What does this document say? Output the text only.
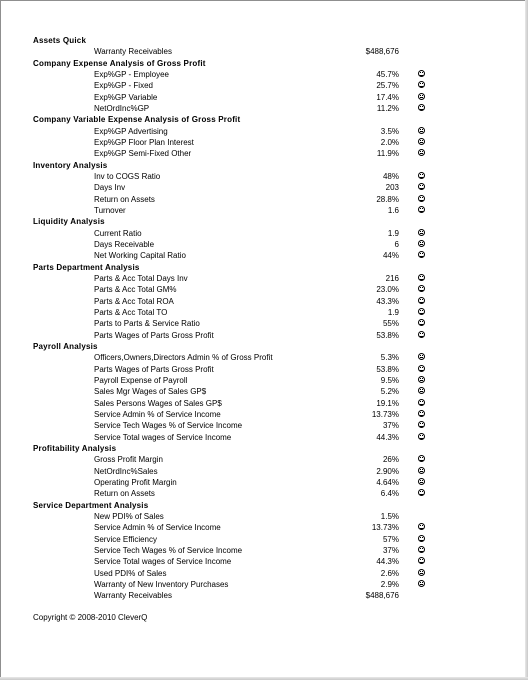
Assets Quick
Warranty Receivables	$488,676
Company Expense Analysis of Gross Profit
Exp%GP - Employee	45.7%
Exp%GP - Fixed	25.7%
Exp%GP Variable	17.4%
NetOrdInc%GP	11.2%
Company Variable Expense Analysis of Gross Profit
Exp%GP Advertising	3.5%
Exp%GP Floor Plan Interest	2.0%
Exp%GP Semi-Fixed Other	11.9%
Inventory Analysis
Inv to COGS Ratio	48%
Days Inv	203
Return on Assets	28.8%
Turnover	1.6
Liquidity Analysis
Current Ratio	1.9
Days Receivable	6
Net Working Capital Ratio	44%
Parts Department Analysis
Parts & Acc Total Days Inv	216
Parts & Acc Total GM%	23.0%
Parts & Acc Total ROA	43.3%
Parts & Acc Total TO	1.9
Parts to Parts & Service Ratio	55%
Parts Wages of Parts Gross Profit	53.8%
Payroll Analysis
Officers,Owners,Directors Admin % of Gross Profit	5.3%
Parts Wages of Parts Gross Profit	53.8%
Payroll Expense of Payroll	9.5%
Sales Mgr Wages of Sales GP$	5.2%
Sales Persons Wages of Sales GP$	19.1%
Service Admin % of Service Income	13.73%
Service Tech Wages % of Service Income	37%
Service Total wages of Service Income	44.3%
Profitability Analysis
Gross Profit Margin	26%
NetOrdInc%Sales	2.90%
Operating Profit Margin	4.64%
Return on Assets	6.4%
Service Department Analysis
New PDI% of Sales	1.5%
Service Admin % of Service Income	13.73%
Service Efficiency	57%
Service Tech Wages % of Service Income	37%
Service Total wages of Service Income	44.3%
Used PDI% of Sales	2.6%
Warranty of New Inventory Purchases	2.9%
Warranty Receivables	$488,676
Copyright © 2008-2010 CleverQ
